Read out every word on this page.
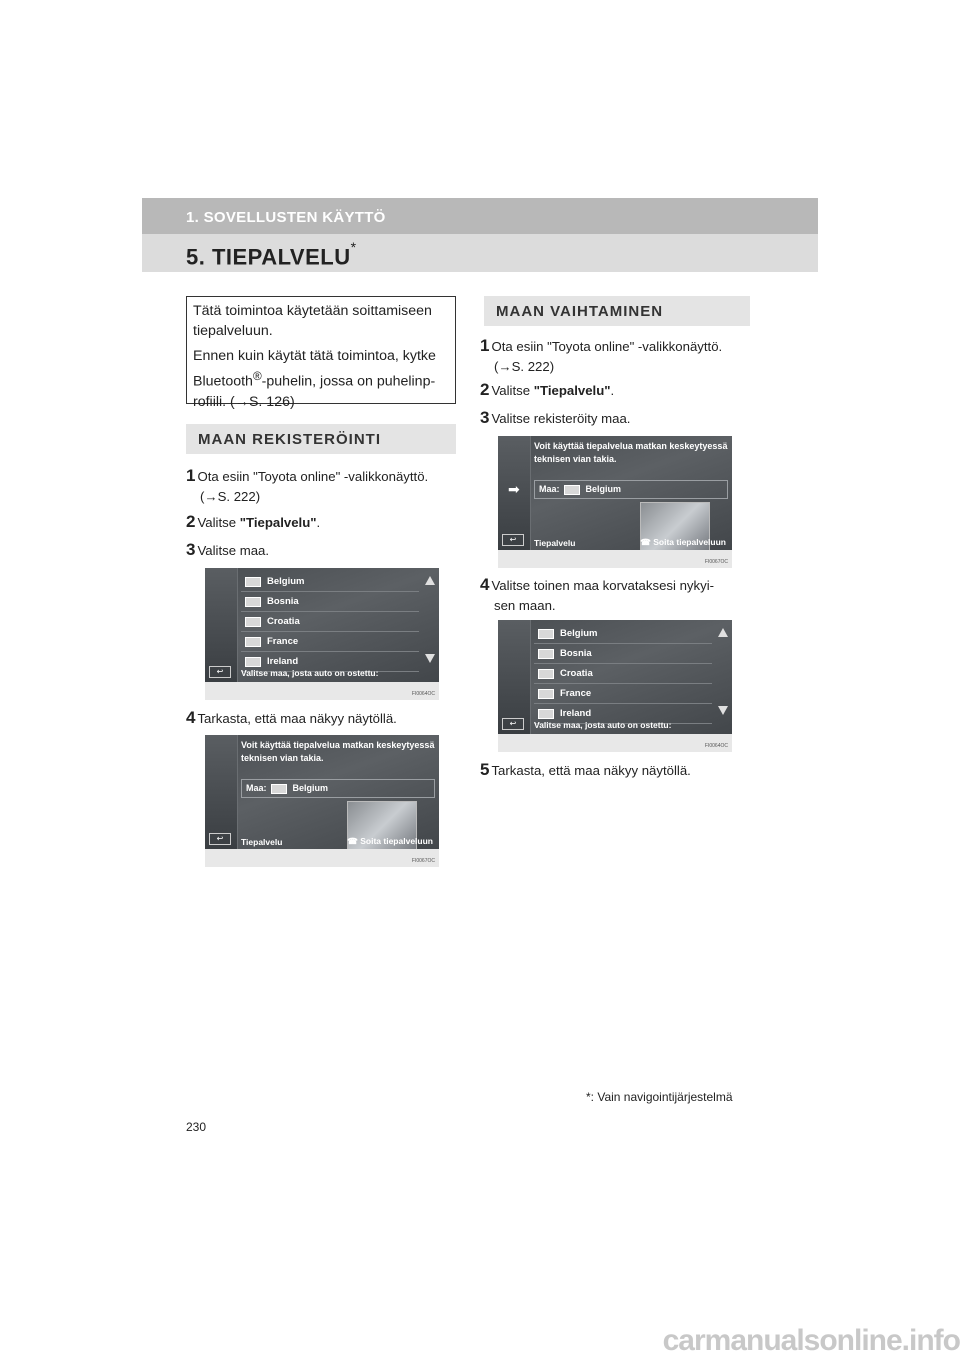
1. SOVELLUSTEN KÄYTTÖ
5. TIEPALVELU*

Tätä toimintoa käytetään soittamiseen tiepalveluun.

Ennen kuin käytät tätä toimintoa, kytke Bluetooth®-puhelin, jossa on puhelinp-rofiili. (→S. 126)

MAAN REKISTERÖINTI
1 Ota esiin "Toyota online" -valikkonäyttö.
(→S. 222)
2 Valitse "Tiepalvelu".
3 Valitse maa.
Belgium
Bosnia
Croatia
France
Ireland
↩	Valitse maa, josta auto on ostettu:
FI0064OC
4 Tarkasta, että maa näkyy näytöllä.
Voit käyttää tiepalvelua matkan keskeytyessä
teknisen vian takia.
Maa:	Belgium
↩	Tiepalvelu	☎ Soita tiepalveluun
FI0067OC
MAAN VAIHTAMINEN
1 Ota esiin "Toyota online" -valikkonäyttö.
(→S. 222)
2 Valitse "Tiepalvelu".
3 Valitse rekisteröity maa.
Voit käyttää tiepalvelua matkan keskeytyessä
teknisen vian takia.
Maa:	Belgium
➡
↩	Tiepalvelu	☎ Soita tiepalveluun
FI0067OC
4 Valitse toinen maa korvataksesi nykyi-
sen maan.
Belgium
Bosnia
Croatia
France
Ireland
↩	Valitse maa, josta auto on ostettu:
FI0064OC
5 Tarkasta, että maa näkyy näytöllä.
*: Vain navigointijärjestelmä
230
carmanualsonline.info
